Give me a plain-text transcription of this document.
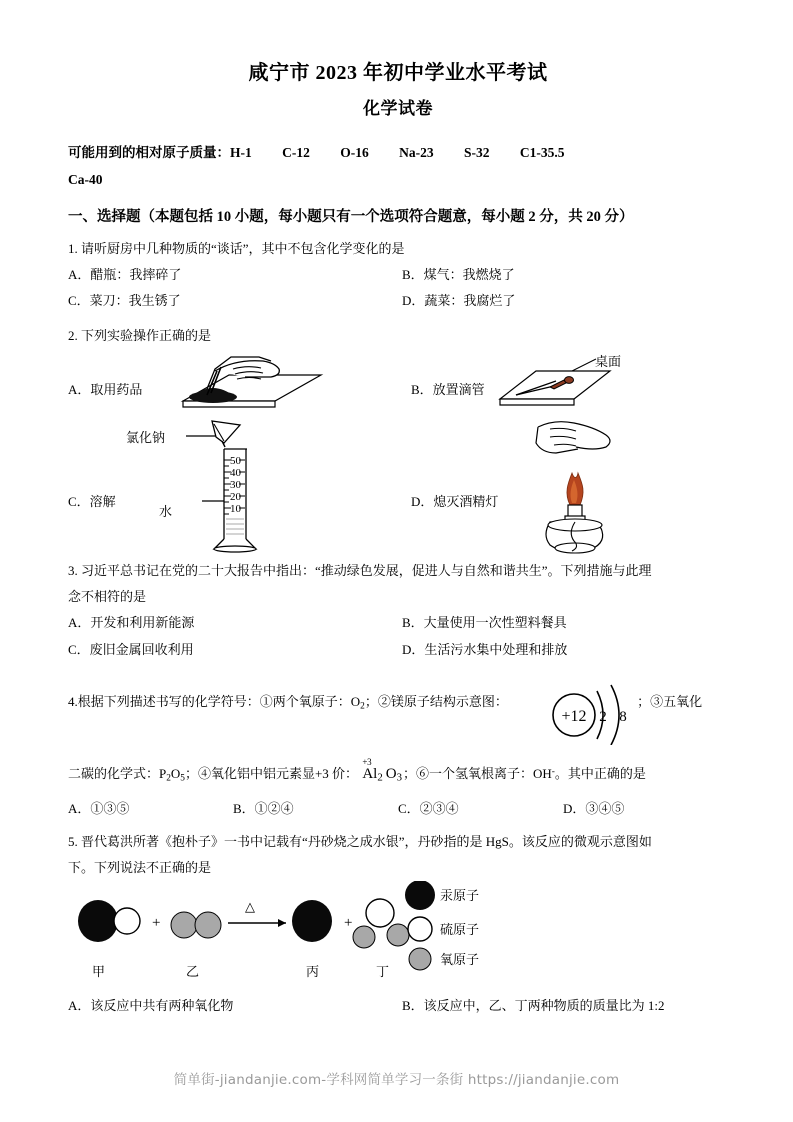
咸宁市 2023 年初中学业水平考试
化学试卷
可能用到的相对原子质量：H-1         C-12         O-16         Na-23         S-32         C1-35.5
Ca-40
一、选择题（本题包括 10 小题，每小题只有一个选项符合题意，每小题 2 分，共 20 分）
1. 请听厨房中几种物质的“谈话”，其中不包含化学变化的是
A．醋瓶：我摔碎了	B．煤气：我燃烧了
C．菜刀：我生锈了	D．蔬菜：我腐烂了
2. 下列实验操作正确的是
A．取用药品	B．放置滴管
桌面
C．溶解
氯化钠
水
50
40
30
20
10	D．熄灭酒精灯
3. 习近平总书记在党的二十大报告中指出：“推动绿色发展，促进人与自然和谐共生”。下列措施与此理
念不相符的是
A．开发和利用新能源	B．大量使用一次性塑料餐具
C．废旧金属回收利用	D．生活污水集中处理和排放
4.根据下列描述书写的化学符号：①两个氧原子：$O_2$；②镁原子结构示意图：	；③五氧化
+12 2 8
二碳的化学式：$P_2O_5$；④氧化铝中铝元素显+3 价：
+3
$Al_2$ $O_3$；⑥一个氢氧根离子：OH-。其中正确的是
A．①③⑤	B．①②④	C．②③④	D．③④⑤
5. 晋代葛洪所著《抱朴子》一书中记载有“丹砂烧之成水银”，丹砂指的是 HgS。该反应的微观示意图如
下。下列说法不正确的是
+
△
+
甲	乙	丙	丁
汞原子
硫原子
氧原子
A．该反应中共有两种氧化物	B．该反应中，乙、丁两种物质的质量比为 1:2
简单街-jiandanjie.com-学科网简单学习一条街 https://jiandanjie.com
